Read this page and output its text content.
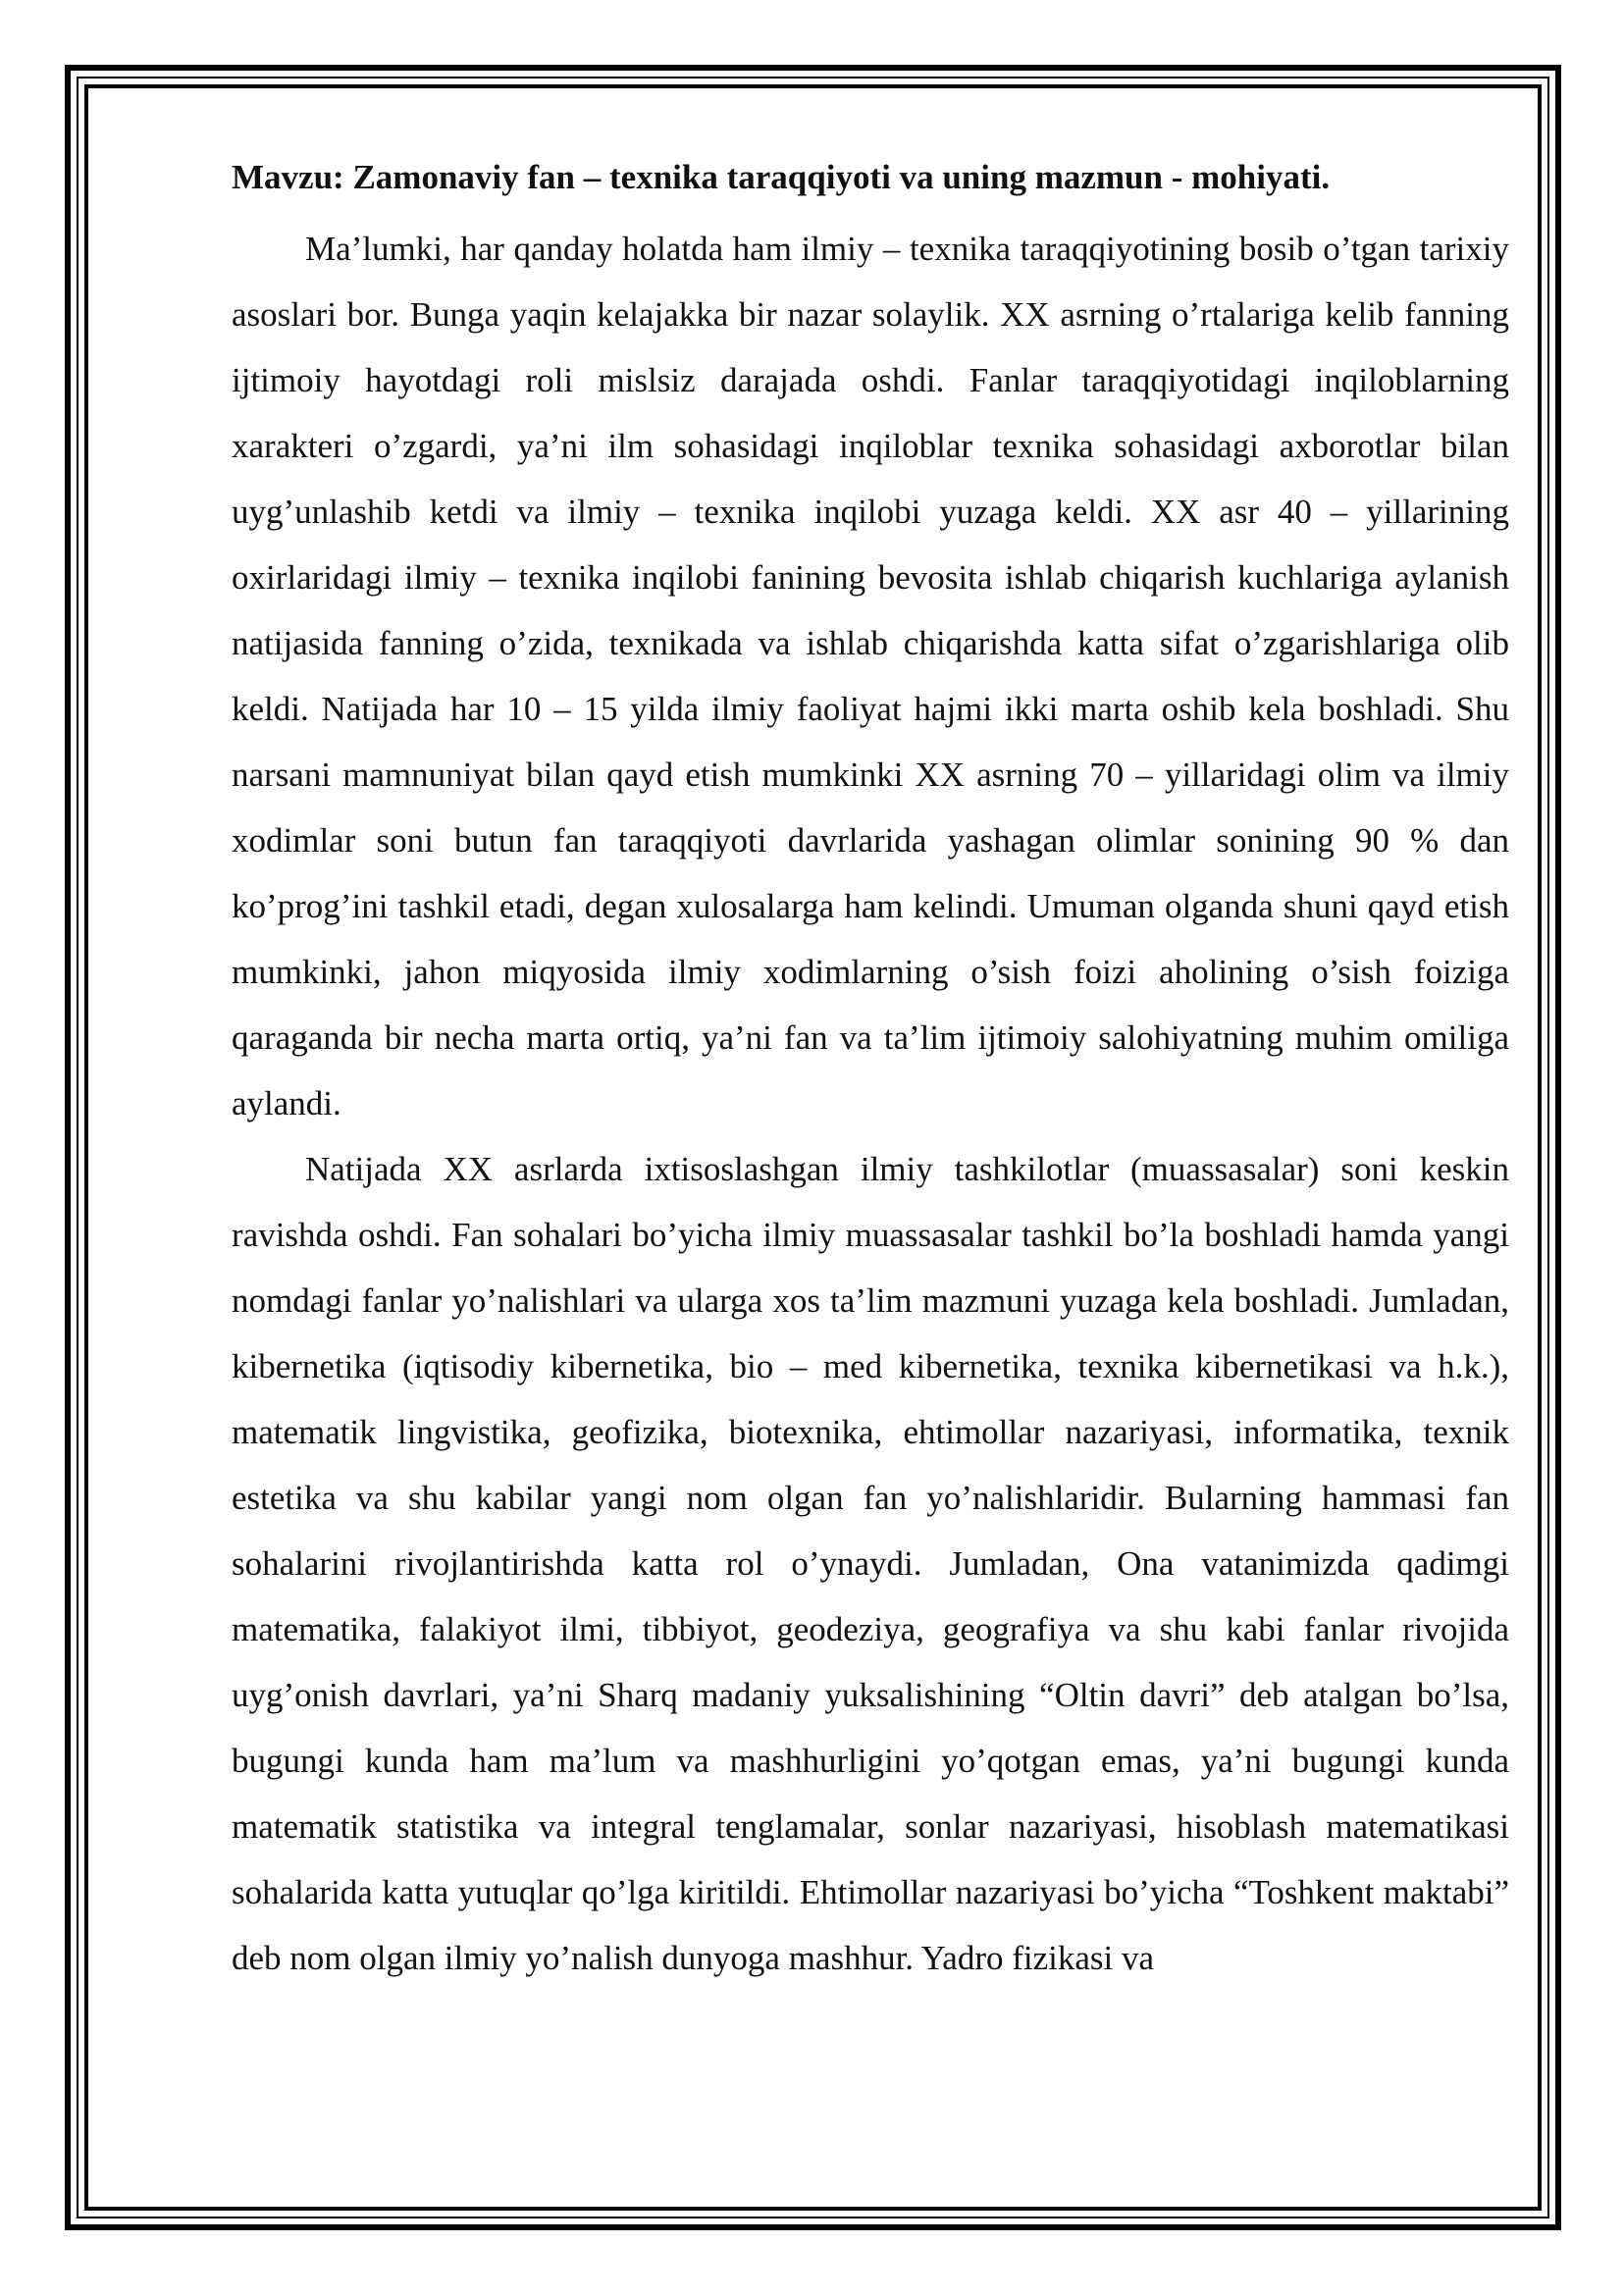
Mavzu: Zamonaviy fan – texnika taraqqiyoti va uning mazmun - mohiyati.

Ma’lumki, har qanday holatda ham ilmiy – texnika taraqqiyotining bosib o’tgan tarixiy asoslari bor. Bunga yaqin kelajakka bir nazar solaylik. XX asrning o’rtalariga kelib fanning ijtimoiy hayotdagi roli mislsiz darajada oshdi. Fanlar taraqqiyotidagi inqiloblarning xarakteri o’zgardi, ya’ni ilm sohasidagi inqiloblar texnika sohasidagi axborotlar bilan uyg’unlashib ketdi va ilmiy – texnika inqilobi yuzaga keldi. XX asr 40 – yillarining oxirlaridagi ilmiy – texnika inqilobi fanining bevosita ishlab chiqarish kuchlariga aylanish natijasida fanning o’zida, texnikada va ishlab chiqarishda katta sifat o’zgarishlariga olib keldi. Natijada har 10 – 15 yilda ilmiy faoliyat hajmi ikki marta oshib kela boshladi. Shu narsani mamnuniyat bilan qayd etish mumkinki XX asrning 70 – yillaridagi olim va ilmiy xodimlar soni butun fan taraqqiyoti davrlarida yashagan olimlar sonining 90 % dan ko’prog’ini tashkil etadi, degan xulosalarga ham kelindi. Umuman olganda shuni qayd etish mumkinki, jahon miqyosida ilmiy xodimlarning o’sish foizi aholining o’sish foiziga qaraganda bir necha marta ortiq, ya’ni fan va ta’lim ijtimoiy salohiyatning muhim omiliga aylandi.

Natijada XX asrlarda ixtisoslashgan ilmiy tashkilotlar (muassasalar) soni keskin ravishda oshdi. Fan sohalari bo’yicha ilmiy muassasalar tashkil bo’la boshladi hamda yangi nomdagi fanlar yo’nalishlari va ularga xos ta’lim mazmuni yuzaga kela boshladi. Jumladan, kibernetika (iqtisodiy kibernetika, bio – med kibernetika, texnika kibernetikasi va h.k.), matematik lingvistika, geofizika, biotexnika, ehtimollar nazariyasi, informatika, texnik estetika va shu kabilar yangi nom olgan fan yo’nalishlaridir. Bularning hammasi fan sohalarini rivojlantirishda katta rol o’ynaydi. Jumladan, Ona vatanimizda qadimgi matematika, falakiyot ilmi, tibbiyot, geodeziya, geografiya va shu kabi fanlar rivojida uyg’onish davrlari, ya’ni Sharq madaniy yuksalishining “Oltin davri” deb atalgan bo’lsa, bugungi kunda ham ma’lum va mashhurligini yo’qotgan emas, ya’ni bugungi kunda matematik statistika va integral tenglamalar, sonlar nazariyasi, hisoblash matematikasi sohalarida katta yutuqlar qo’lga kiritildi. Ehtimollar nazariyasi bo’yicha “Toshkent maktabi” deb nom olgan ilmiy yo’nalish dunyoga mashhur. Yadro fizikasi va
